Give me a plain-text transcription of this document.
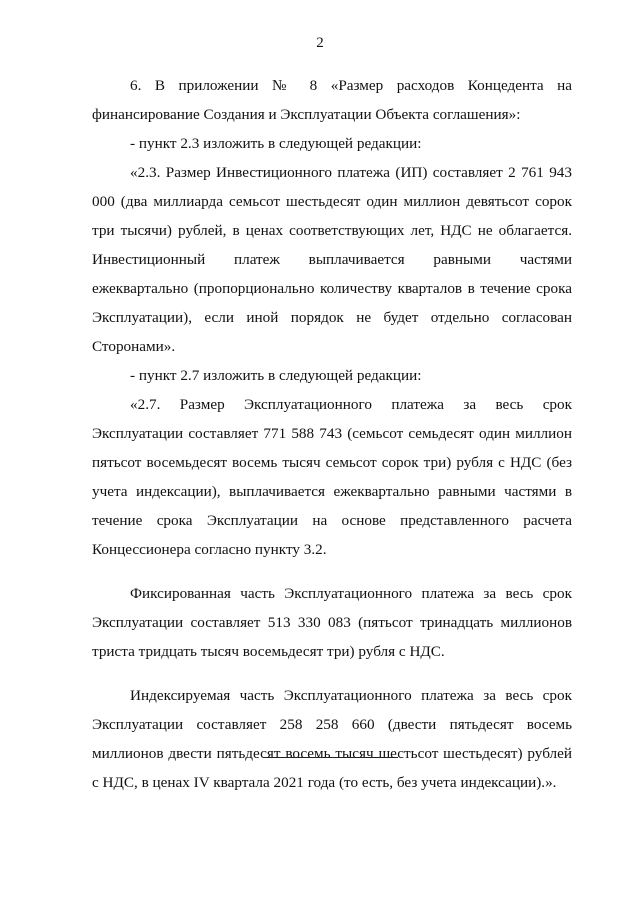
2

6. В приложении № 8 «Размер расходов Концедента на финансирование Создания и Эксплуатации Объекта соглашения»:

- пункт 2.3 изложить в следующей редакции:

«2.3. Размер Инвестиционного платежа (ИП) составляет 2 761 943 000 (два миллиарда семьсот шестьдесят один миллион девятьсот сорок три тысячи) рублей, в ценах соответствующих лет, НДС не облагается. Инвестиционный платеж выплачивается равными частями ежеквартально (пропорционально количеству кварталов в течение срока Эксплуатации), если иной порядок не будет отдельно согласован Сторонами».

- пункт 2.7 изложить в следующей редакции:

«2.7. Размер Эксплуатационного платежа за весь срок Эксплуатации составляет 771 588 743 (семьсот семьдесят один миллион пятьсот восемьдесят восемь тысяч семьсот сорок три) рубля с НДС (без учета индексации), выплачивается ежеквартально равными частями в течение срока Эксплуатации на основе представленного расчета Концессионера согласно пункту 3.2.

Фиксированная часть Эксплуатационного платежа за весь срок Эксплуатации составляет 513 330 083 (пятьсот тринадцать миллионов триста тридцать тысяч восемьдесят три) рубля с НДС.

Индексируемая часть Эксплуатационного платежа за весь срок Эксплуатации составляет 258 258 660 (двести пятьдесят восемь миллионов двести пятьдесят восемь тысяч шестьсот шестьдесят) рублей с НДС, в ценах IV квартала 2021 года (то есть, без учета индексации).».
